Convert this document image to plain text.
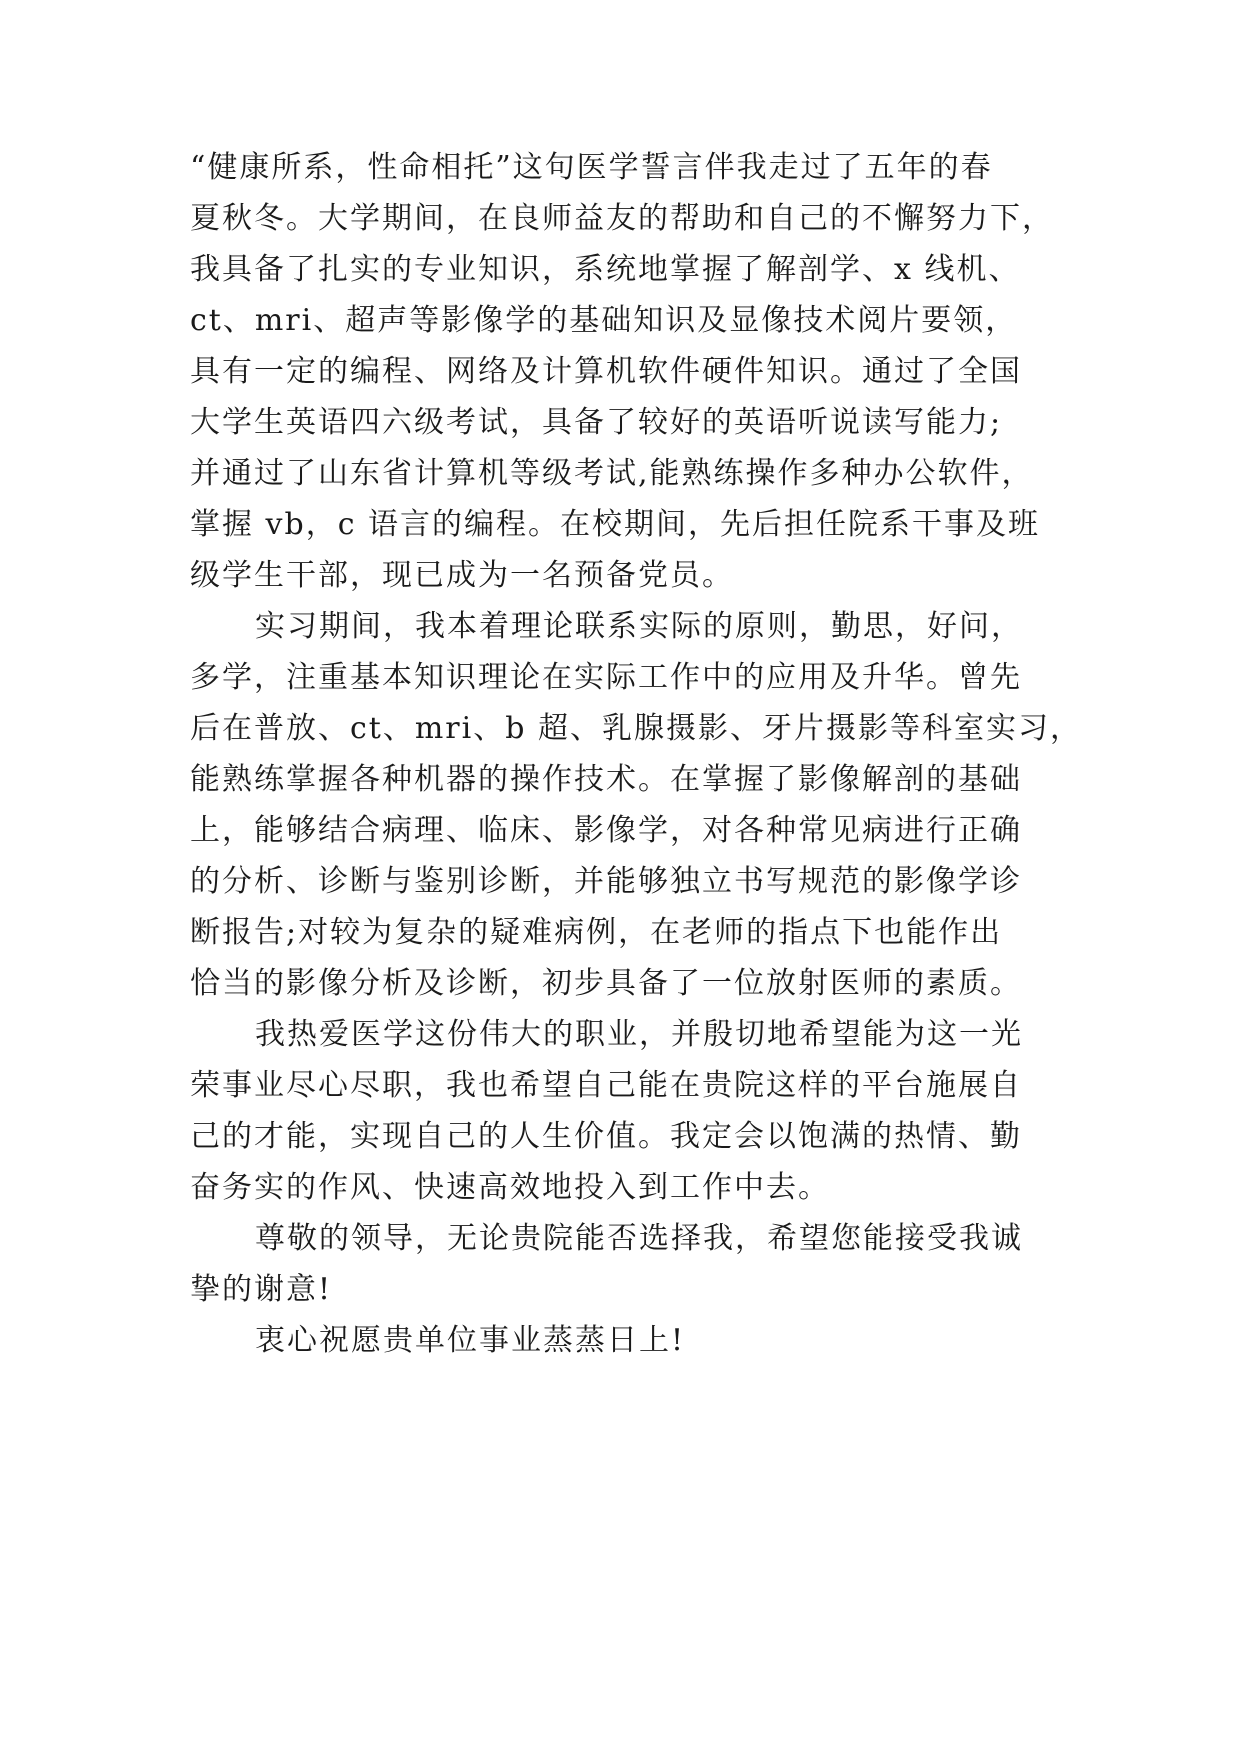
“健康所系，性命相托”这句医学誓言伴我走过了五年的春
夏秋冬。大学期间，在良师益友的帮助和自己的不懈努力下，
我具备了扎实的专业知识，系统地掌握了解剖学、x 线机、
ct、mri、超声等影像学的基础知识及显像技术阅片要领，
具有一定的编程、网络及计算机软件硬件知识。通过了全国
大学生英语四六级考试，具备了较好的英语听说读写能力;
并通过了山东省计算机等级考试,能熟练操作多种办公软件，
掌握 vb，c 语言的编程。在校期间，先后担任院系干事及班
级学生干部，现已成为一名预备党员。
实习期间，我本着理论联系实际的原则，勤思，好问，
多学，注重基本知识理论在实际工作中的应用及升华。曾先
后在普放、ct、mri、b 超、乳腺摄影、牙片摄影等科室实习，
能熟练掌握各种机器的操作技术。在掌握了影像解剖的基础
上，能够结合病理、临床、影像学，对各种常见病进行正确
的分析、诊断与鉴别诊断，并能够独立书写规范的影像学诊
断报告;对较为复杂的疑难病例，在老师的指点下也能作出
恰当的影像分析及诊断，初步具备了一位放射医师的素质。
我热爱医学这份伟大的职业，并殷切地希望能为这一光
荣事业尽心尽职，我也希望自己能在贵院这样的平台施展自
己的才能，实现自己的人生价值。我定会以饱满的热情、勤
奋务实的作风、快速高效地投入到工作中去。
尊敬的领导，无论贵院能否选择我，希望您能接受我诚
挚的谢意!
衷心祝愿贵单位事业蒸蒸日上!
